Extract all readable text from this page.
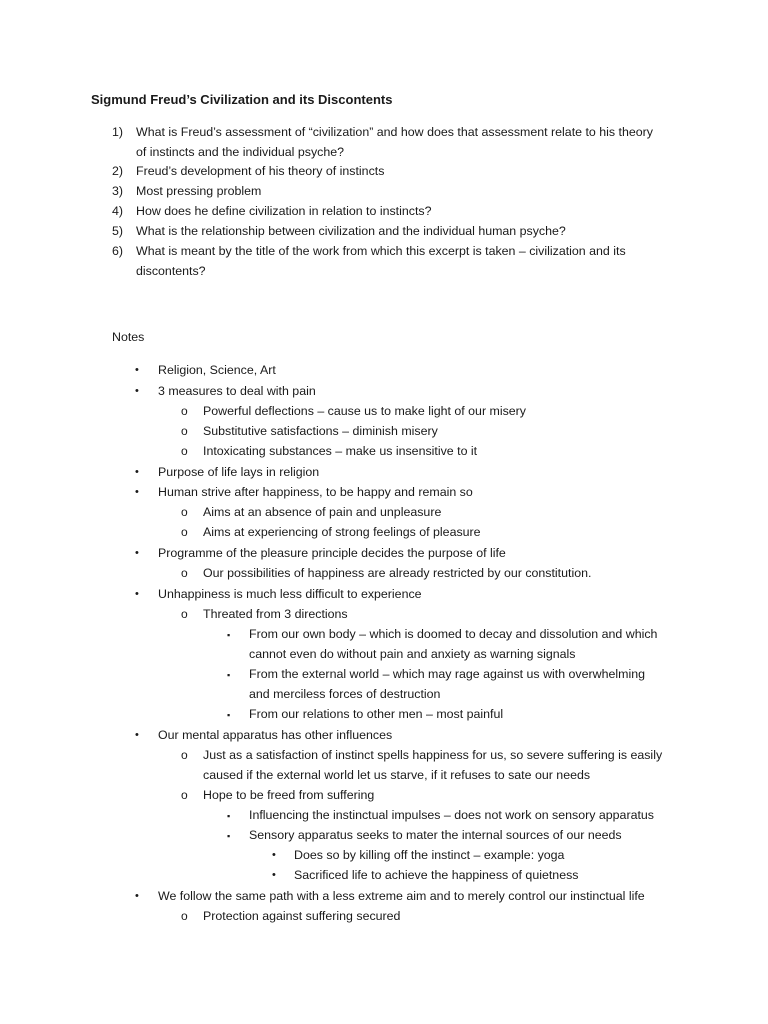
Sigmund Freud’s Civilization and its Discontents
1) What is Freud’s assessment of “civilization” and how does that assessment relate to his theory
of instincts and the individual psyche?
2) Freud’s development of his theory of instincts
3) Most pressing problem
4) How does he define civilization in relation to instincts?
5) What is the relationship between civilization and the individual human psyche?
6) What is meant by the title of the work from which this excerpt is taken – civilization and its
discontents?
Notes
• Religion, Science, Art
• 3 measures to deal with pain
o Powerful deflections – cause us to make light of our misery
o Substitutive satisfactions – diminish misery
o Intoxicating substances – make us insensitive to it
• Purpose of life lays in religion
• Human strive after happiness, to be happy and remain so
o Aims at an absence of pain and unpleasure
o Aims at experiencing of strong feelings of pleasure
• Programme of the pleasure principle decides the purpose of life
o Our possibilities of happiness are already restricted by our constitution.
• Unhappiness is much less difficult to experience
o Threated from 3 directions
▪ From our own body – which is doomed to decay and dissolution and which
cannot even do without pain and anxiety as warning signals
▪ From the external world – which may rage against us with overwhelming
and merciless forces of destruction
▪ From our relations to other men – most painful
• Our mental apparatus has other influences
o Just as a satisfaction of instinct spells happiness for us, so severe suffering is easily
caused if the external world let us starve, if it refuses to sate our needs
o Hope to be freed from suffering
▪ Influencing the instinctual impulses – does not work on sensory apparatus
▪ Sensory apparatus seeks to mater the internal sources of our needs
• Does so by killing off the instinct – example: yoga
• Sacrificed life to achieve the happiness of quietness
• We follow the same path with a less extreme aim and to merely control our instinctual life
o Protection against suffering secured
